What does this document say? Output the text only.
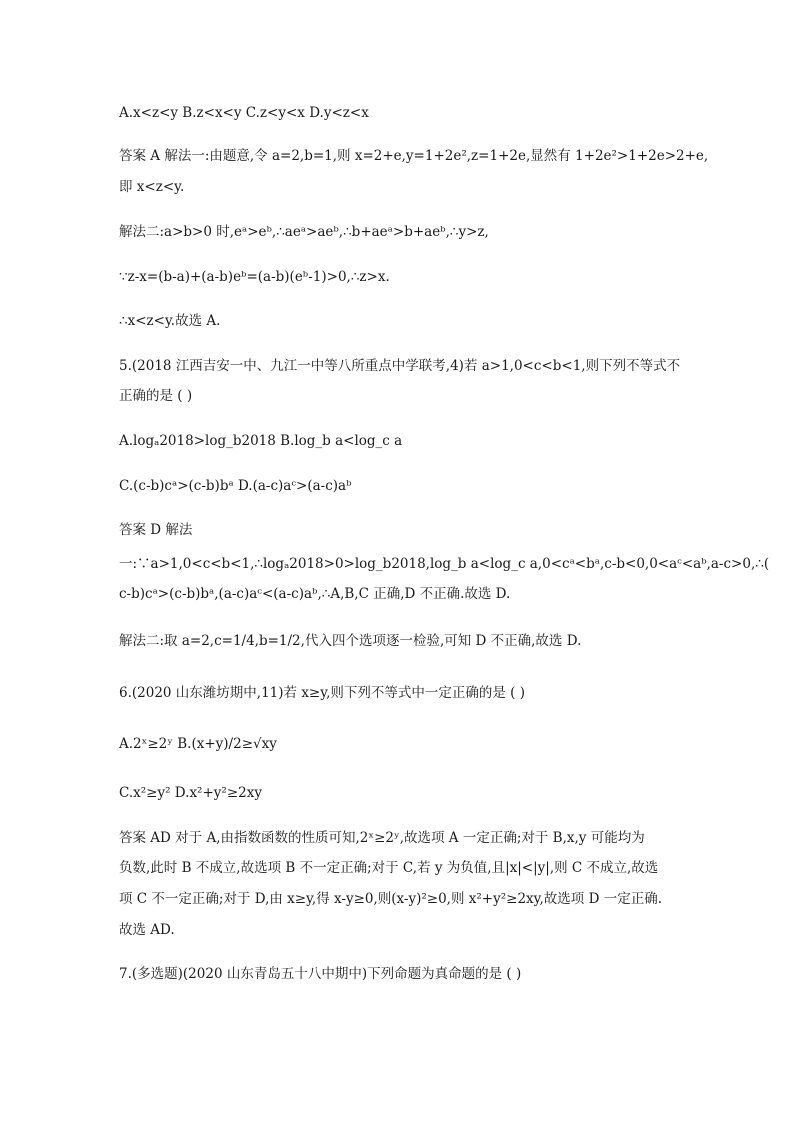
A.x<z<y B.z<x<y C.z<y<x D.y<z<x
答案 A 解法一:由题意,令 a=2,b=1,则 x=2+e,y=1+2e²,z=1+2e,显然有 1+2e²>1+2e>2+e,
即 x<z<y.
解法二:a>b>0 时,eᵃ>eᵇ,∴aeᵃ>aeᵇ,∴b+aeᵃ>b+aeᵇ,∴y>z,
∵z-x=(b-a)+(a-b)eᵇ=(a-b)(eᵇ-1)>0,∴z>x.
∴x<z<y.故选 A.
5.(2018 江西吉安一中、九江一中等八所重点中学联考,4)若 a>1,0<c<b<1,则下列不等式不
正确的是 ( )
A.logₐ2018>log_b2018 B.log_b a<log_c a
C.(c-b)cᵃ>(c-b)bᵃ D.(a-c)aᶜ>(a-c)aᵇ
答案 D 解法
一:∵a>1,0<c<b<1,∴logₐ2018>0>log_b2018,log_b a<log_c a,0<cᵃ<bᵃ,c-b<0,0<aᶜ<aᵇ,a-c>0,∴(
c-b)cᵃ>(c-b)bᵃ,(a-c)aᶜ<(a-c)aᵇ,∴A,B,C 正确,D 不正确.故选 D.
解法二:取 a=2,c=1/4,b=1/2,代入四个选项逐一检验,可知 D 不正确,故选 D.
6.(2020 山东潍坊期中,11)若 x≥y,则下列不等式中一定正确的是 ( )
A.2ˣ≥2ʸ B.(x+y)/2≥√xy
C.x²≥y² D.x²+y²≥2xy
答案 AD 对于 A,由指数函数的性质可知,2ˣ≥2ʸ,故选项 A 一定正确;对于 B,x,y 可能均为
负数,此时 B 不成立,故选项 B 不一定正确;对于 C,若 y 为负值,且|x|<|y|,则 C 不成立,故选
项 C 不一定正确;对于 D,由 x≥y,得 x-y≥0,则(x-y)²≥0,则 x²+y²≥2xy,故选项 D 一定正确.
故选 AD.
7.(多选题)(2020 山东青岛五十八中期中)下列命题为真命题的是 ( )
